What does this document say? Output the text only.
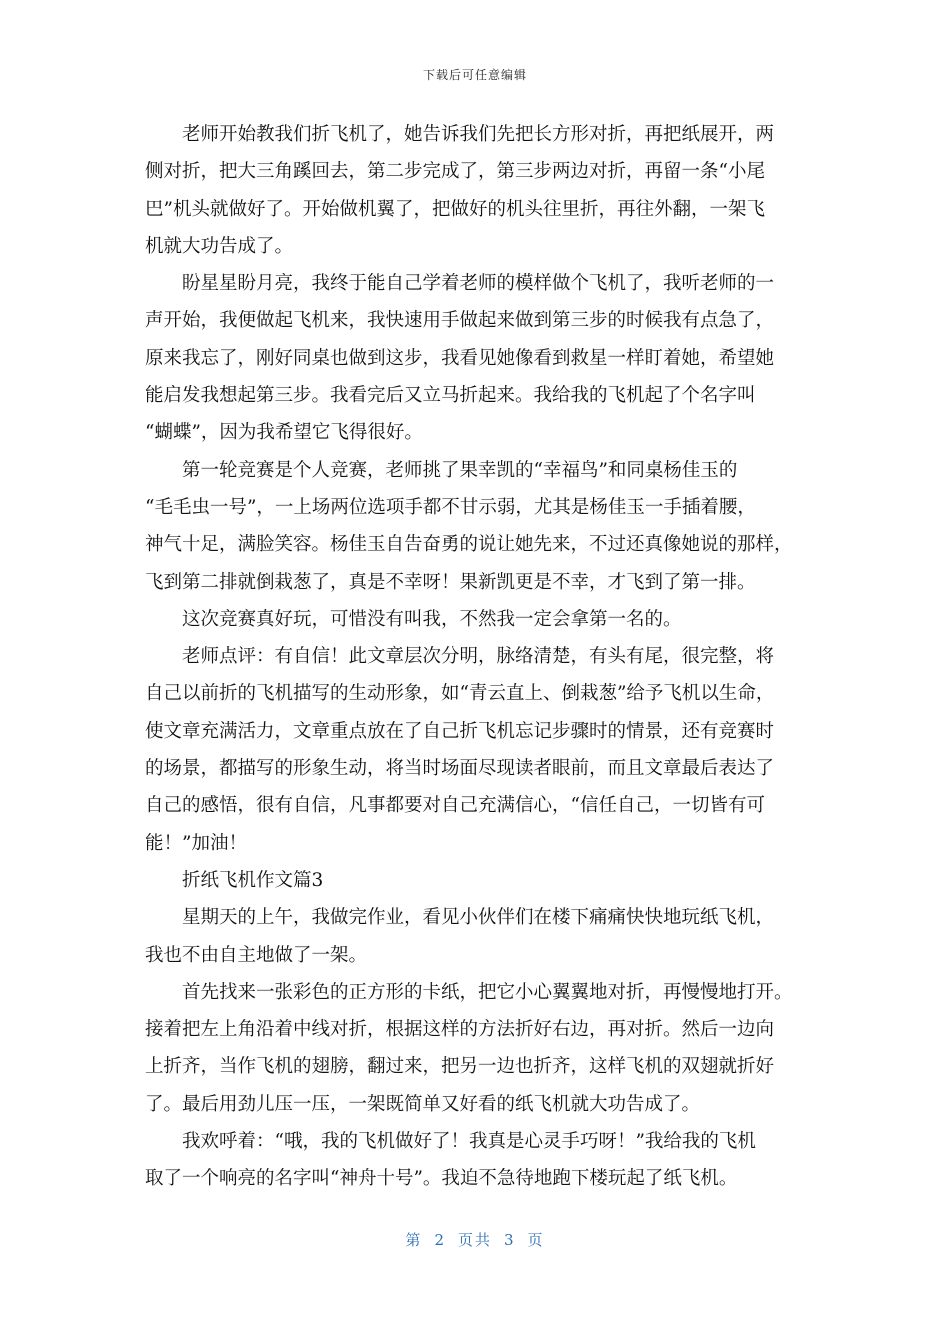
下载后可任意编辑
老师开始教我们折飞机了，她告诉我们先把长方形对折，再把纸展开，两
侧对折，把大三角蹊回去，第二步完成了，第三步两边对折，再留一条“小尾
巴”机头就做好了。开始做机翼了，把做好的机头往里折，再往外翻，一架飞
机就大功告成了。
盼星星盼月亮，我终于能自己学着老师的模样做个飞机了，我听老师的一
声开始，我便做起飞机来，我快速用手做起来做到第三步的时候我有点急了，
原来我忘了，刚好同桌也做到这步，我看见她像看到救星一样盯着她，希望她
能启发我想起第三步。我看完后又立马折起来。我给我的飞机起了个名字叫
“蝴蝶”，因为我希望它飞得很好。
第一轮竞赛是个人竞赛，老师挑了果幸凯的“幸福鸟”和同桌杨佳玉的
“毛毛虫一号”，一上场两位选项手都不甘示弱，尤其是杨佳玉一手插着腰，
神气十足，满脸笑容。杨佳玉自告奋勇的说让她先来，不过还真像她说的那样，
飞到第二排就倒栽葱了，真是不幸呀！果新凯更是不幸，才飞到了第一排。
这次竞赛真好玩，可惜没有叫我，不然我一定会拿第一名的。
老师点评：有自信！此文章层次分明，脉络清楚，有头有尾，很完整，将
自己以前折的飞机描写的生动形象，如“青云直上、倒栽葱”给予飞机以生命，
使文章充满活力，文章重点放在了自己折飞机忘记步骤时的情景，还有竞赛时
的场景，都描写的形象生动，将当时场面尽现读者眼前，而且文章最后表达了
自己的感悟，很有自信，凡事都要对自己充满信心，“信任自己，一切皆有可
能！”加油！
折纸飞机作文篇3
星期天的上午，我做完作业，看见小伙伴们在楼下痛痛快快地玩纸飞机，
我也不由自主地做了一架。
首先找来一张彩色的正方形的卡纸，把它小心翼翼地对折，再慢慢地打开。
接着把左上角沿着中线对折，根据这样的方法折好右边，再对折。然后一边向
上折齐，当作飞机的翅膀，翻过来，把另一边也折齐，这样飞机的双翅就折好
了。最后用劲儿压一压，一架既简单又好看的纸飞机就大功告成了。
我欢呼着：“哦，我的飞机做好了！我真是心灵手巧呀！”我给我的飞机
取了一个响亮的名字叫“神舟十号”。我迫不急待地跑下楼玩起了纸飞机。
第 2 页共 3 页
